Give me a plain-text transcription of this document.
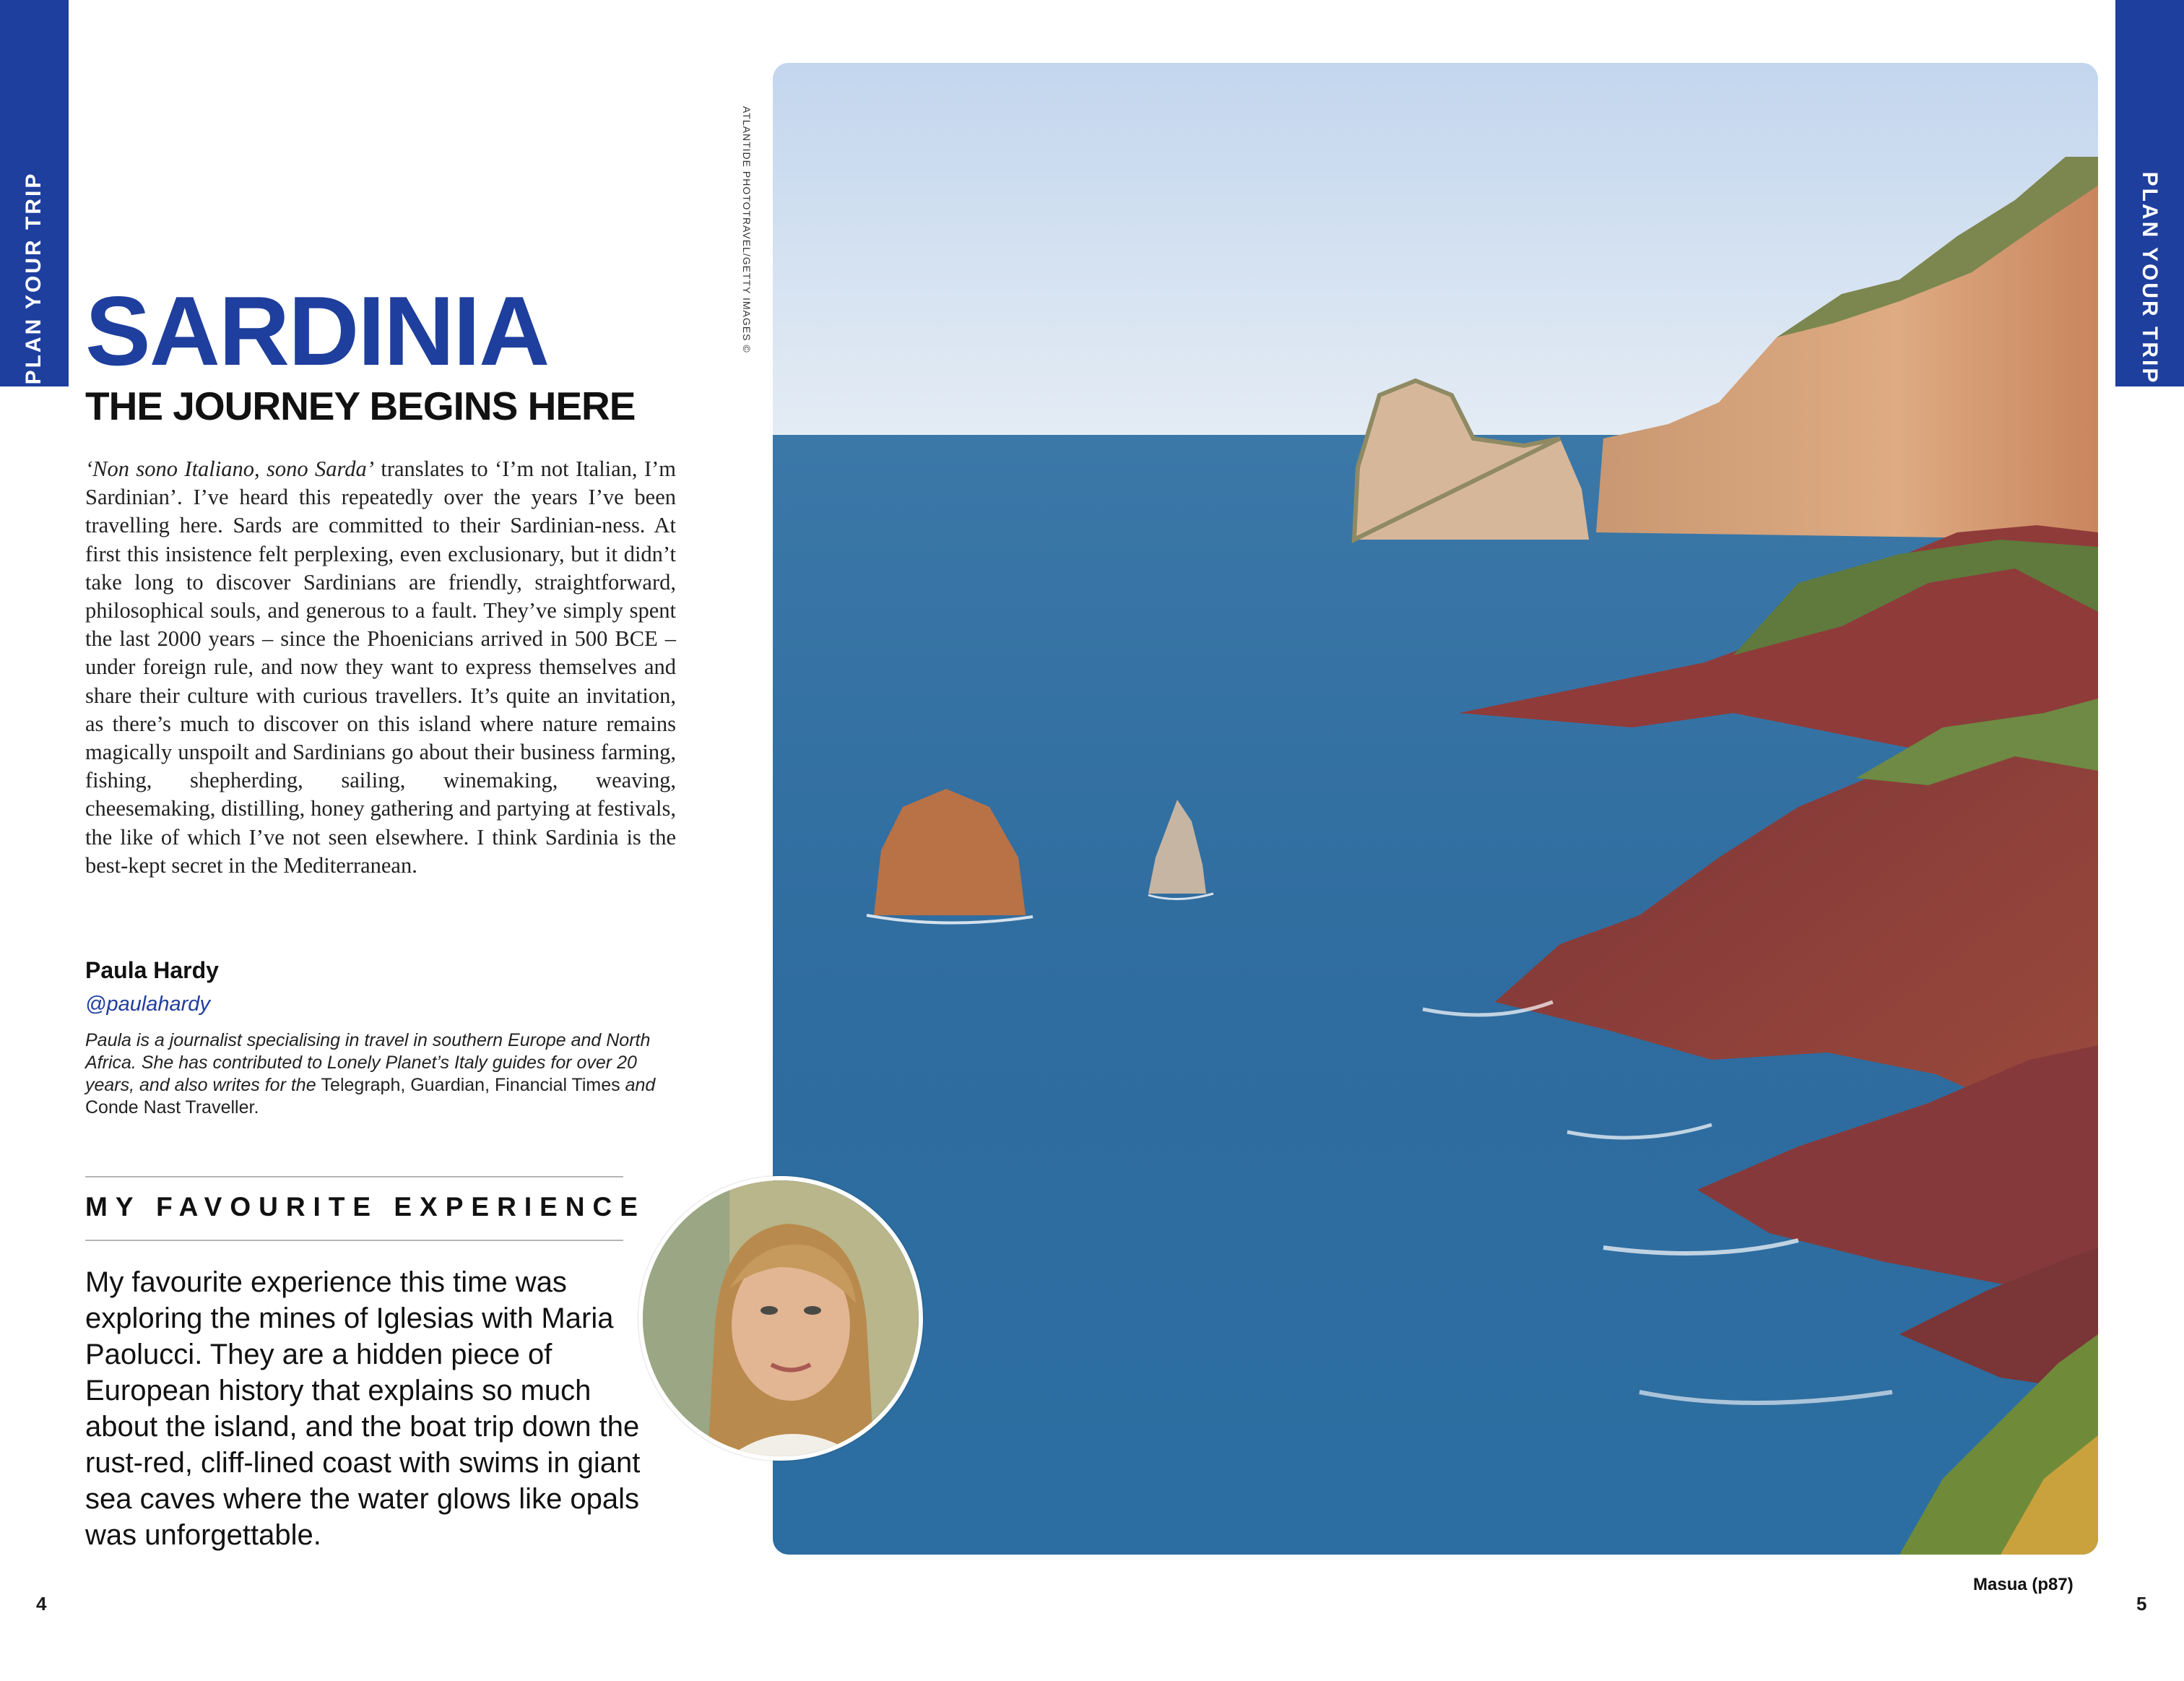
PLAN YOUR TRIP	PLAN YOUR TRIP
SARDINIA
THE JOURNEY BEGINS HERE

‘Non sono Italiano, sono Sarda’ translates to ‘I’m not Italian, I’m Sardinian’. I’ve heard this repeatedly over the years I’ve been travelling here. Sards are committed to their Sardinian-ness. At first this insistence felt perplexing, even exclusionary, but it didn’t take long to discover Sardinians are friendly, straightforward, philosophical souls, and generous to a fault. They’ve simply spent the last 2000 years – since the Phoenicians arrived in 500 BCE – under foreign rule, and now they want to express themselves and share their culture with curious travellers. It’s quite an invitation, as there’s much to discover on this island where nature remains magically unspoilt and Sardinians go about their business farming, fishing, shepherding, sailing, winemaking, weaving, cheesemaking, distilling, honey gathering and partying at festivals, the like of which I’ve not seen elsewhere. I think Sardinia is the best-kept secret in the Mediterranean.

Paula Hardy
@paulahardy

Paula is a journalist specialising in travel in southern Europe and North Africa. She has contributed to Lonely Planet’s Italy guides for over 20 years, and also writes for the Telegraph, Guardian, Financial Times and Conde Nast Traveller.

MY FAVOURITE EXPERIENCE

My favourite experience this time was exploring the mines of Iglesias with Maria Paolucci. They are a hidden piece of European history that explains so much about the island, and the boat trip down the rust-red, cliff-lined coast with swims in giant sea caves where the water glows like opals was unforgettable.

ATLANTIDE PHOTOTRAVEL/GETTY IMAGES ©
Masua (p87)
4	5
